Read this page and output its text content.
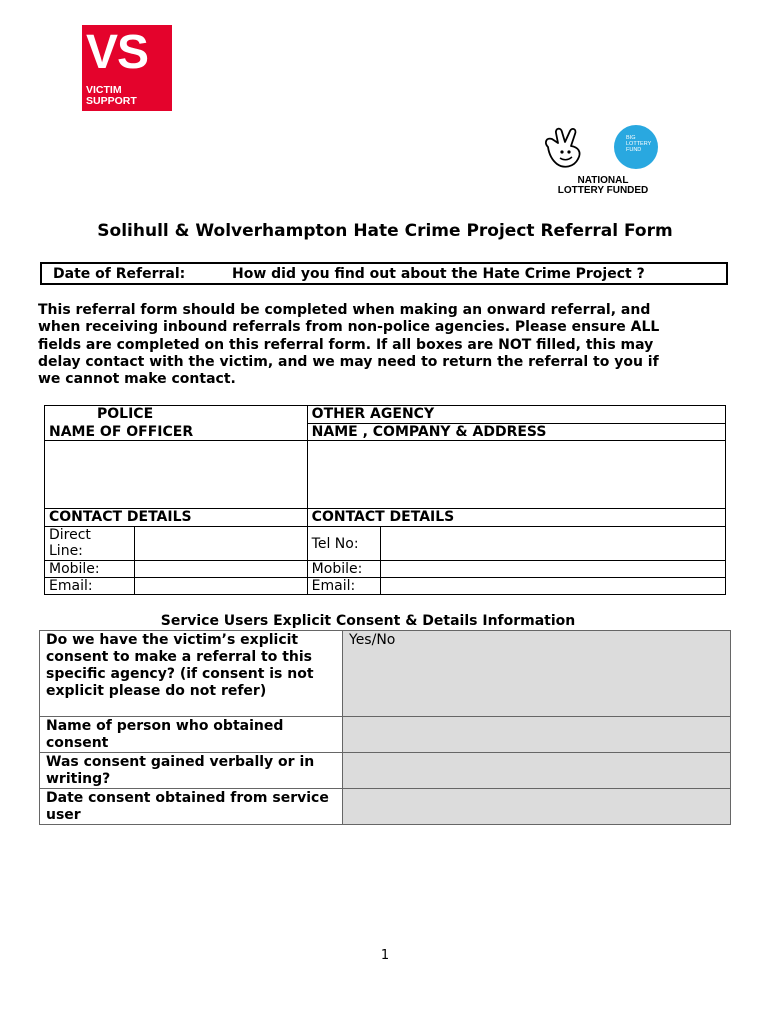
VS
VICTIM
SUPPORT
BIG
LOTTERY
FUND
NATIONAL
LOTTERY FUNDED
Solihull & Wolverhampton Hate Crime Project Referral Form
Date of Referral:	How did you find out about the Hate Crime Project ?
This referral form should be completed when making an onward referral, and
when receiving inbound referrals from non-police agencies. Please ensure ALL
fields are completed on this referral form. If all boxes are NOT filled, this may
delay contact with the victim, and we may need to return the referral to you if
we cannot make contact.
POLICE		OTHER AGENCY	
NAME OF OFFICER		NAME , COMPANY & ADDRESS	

CONTACT DETAILS		CONTACT DETAILS	
Direct
Line:		Tel No:	
Mobile:		Mobile:	
Email:		Email:	
Service Users Explicit Consent & Details Information
Do we have the victim’s explicit consent to make a referral to this specific agency? (if consent is not explicit please do not refer)	Yes/No
Name of person who obtained consent	
Was consent gained verbally or in writing?	
Date consent obtained from service user	
1
